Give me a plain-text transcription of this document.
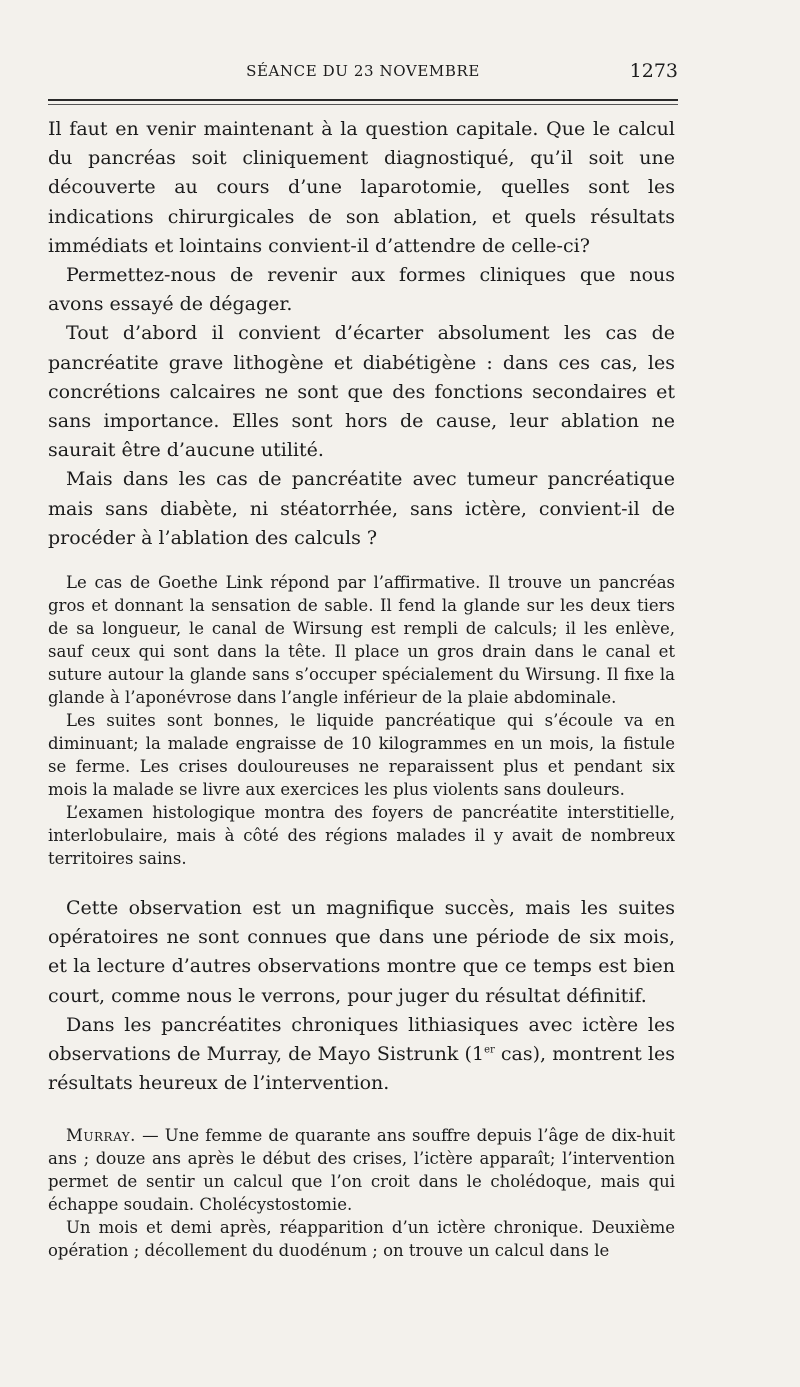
SÉANCE DU 23 NOVEMBRE	1273

Il faut en venir maintenant à la question capitale. Que le calcul du pancréas soit cliniquement diagnostiqué, qu’il soit une découverte au cours d’une laparotomie, quelles sont les indications chirurgicales de son ablation, et quels résultats immédiats et lointains convient-il d’attendre de celle-ci?

Permettez-nous de revenir aux formes cliniques que nous avons essayé de dégager.

Tout d’abord il convient d’écarter absolument les cas de pancréatite grave lithogène et diabétigène : dans ces cas, les concrétions calcaires ne sont que des fonctions secondaires et sans importance. Elles sont hors de cause, leur ablation ne saurait être d’aucune utilité.

Mais dans les cas de pancréatite avec tumeur pancréatique mais sans diabète, ni stéatorrhée, sans ictère, convient-il de procéder à l’ablation des calculs ?

Le cas de Goethe Link répond par l’affirmative. Il trouve un pancréas gros et donnant la sensation de sable. Il fend la glande sur les deux tiers de sa longueur, le canal de Wirsung est rempli de calculs; il les enlève, sauf ceux qui sont dans la tête. Il place un gros drain dans le canal et suture autour la glande sans s’occuper spécialement du Wirsung. Il fixe la glande à l’aponévrose dans l’angle inférieur de la plaie abdominale.

Les suites sont bonnes, le liquide pancréatique qui s’écoule va en diminuant; la malade engraisse de 10 kilogrammes en un mois, la fistule se ferme. Les crises douloureuses ne reparaissent plus et pendant six mois la malade se livre aux exercices les plus violents sans douleurs.

L’examen histologique montra des foyers de pancréatite interstitielle, interlobulaire, mais à côté des régions malades il y avait de nombreux territoires sains.

Cette observation est un magnifique succès, mais les suites opératoires ne sont connues que dans une période de six mois, et la lecture d’autres observations montre que ce temps est bien court, comme nous le verrons, pour juger du résultat définitif.

Dans les pancréatites chroniques lithiasiques avec ictère les observations de Murray, de Mayo Sistrunk (1er cas), montrent les résultats heureux de l’intervention.

Murray. — Une femme de quarante ans souffre depuis l’âge de dix-huit ans ; douze ans après le début des crises, l’ictère apparaît; l’intervention permet de sentir un calcul que l’on croit dans le cholédoque, mais qui échappe soudain. Cholécystostomie.

Un mois et demi après, réapparition d’un ictère chronique. Deuxième opération ; décollement du duodénum ; on trouve un calcul dans le
